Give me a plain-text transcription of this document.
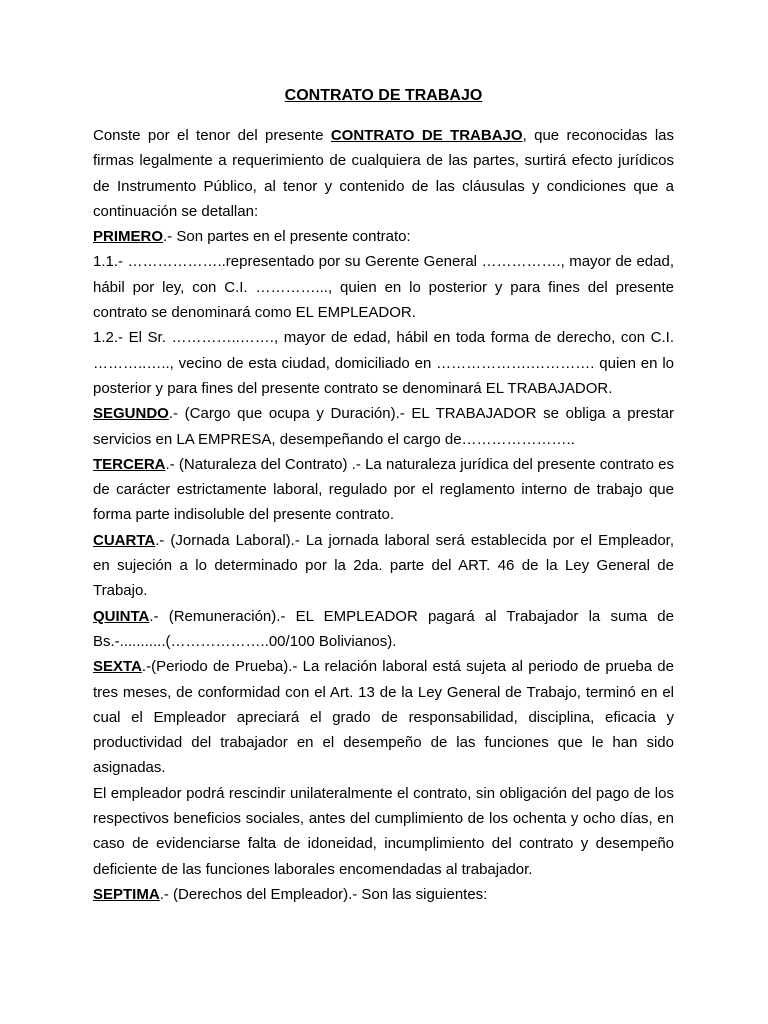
CONTRATO DE TRABAJO

Conste por el tenor del presente CONTRATO DE TRABAJO, que reconocidas las firmas legalmente a requerimiento de cualquiera de las partes, surtirá efecto jurídicos de Instrumento Público, al tenor y contenido de las cláusulas y condiciones que a continuación se detallan:

PRIMERO.- Son partes en el presente contrato:

1.1.- ………………..representado por su Gerente General ……………., mayor de edad, hábil por ley, con C.I. …………..., quien en lo posterior y para fines del presente contrato se denominará como EL EMPLEADOR.

1.2.- El Sr. …………..……., mayor de edad, hábil en toda forma de derecho, con C.I. ………..….., vecino de esta ciudad, domiciliado en ……………….…………. quien en lo posterior y para fines del presente contrato se denominará EL TRABAJADOR.

SEGUNDO.- (Cargo que ocupa y Duración).- EL TRABAJADOR se obliga a prestar servicios en LA EMPRESA, desempeñando el cargo de…………………..

TERCERA.- (Naturaleza del Contrato) .- La naturaleza jurídica del presente contrato es de carácter estrictamente laboral, regulado por el reglamento interno de trabajo que forma parte indisoluble del presente contrato.

CUARTA.- (Jornada Laboral).- La jornada laboral será establecida por el Empleador, en sujeción a lo determinado por la 2da. parte del ART. 46 de la Ley General de Trabajo.

QUINTA.- (Remuneración).- EL EMPLEADOR pagará al Trabajador la suma de Bs.-...........(………………..00/100 Bolivianos).

SEXTA.-(Periodo de Prueba).- La relación laboral está sujeta al periodo de prueba de tres meses, de conformidad con el Art. 13 de la Ley General de Trabajo, terminó en el cual el Empleador apreciará el grado de responsabilidad, disciplina, eficacia y productividad del trabajador en el desempeño de las funciones que le han sido asignadas.

El empleador podrá rescindir unilateralmente el contrato, sin obligación del pago de los respectivos beneficios sociales, antes del cumplimiento de los ochenta y ocho días, en caso de evidenciarse falta de idoneidad, incumplimiento del contrato y desempeño deficiente de las funciones laborales encomendadas al trabajador.

SEPTIMA.- (Derechos del Empleador).- Son las siguientes:
